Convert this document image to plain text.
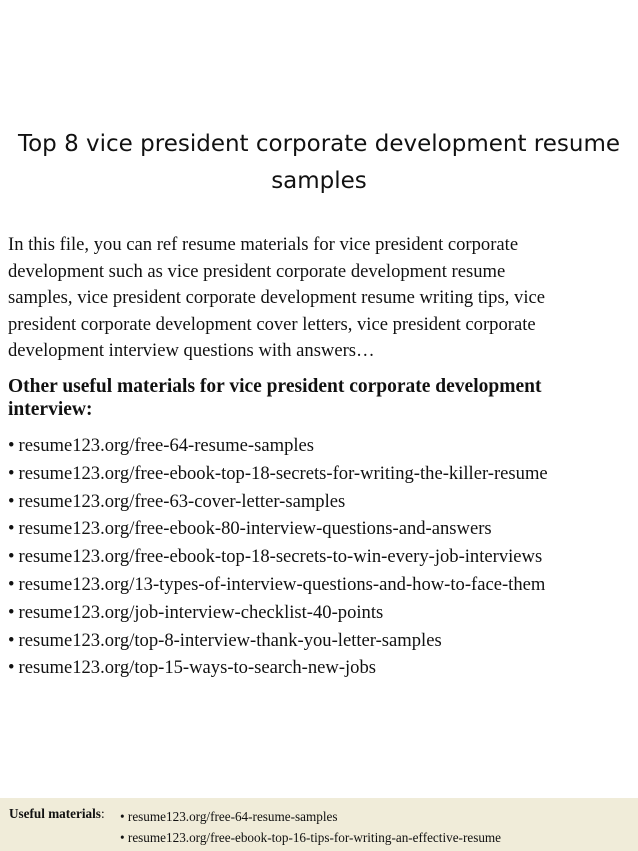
Top 8 vice president corporate development resume
samples
In this file, you can ref resume materials for vice president corporate
development such as vice president corporate development resume
samples, vice president corporate development resume writing tips, vice
president corporate development cover letters, vice president corporate
development interview questions with answers…
Other useful materials for vice president corporate development
interview:
• resume123.org/free-64-resume-samples
• resume123.org/free-ebook-top-18-secrets-for-writing-the-killer-resume
• resume123.org/free-63-cover-letter-samples
• resume123.org/free-ebook-80-interview-questions-and-answers
• resume123.org/free-ebook-top-18-secrets-to-win-every-job-interviews
• resume123.org/13-types-of-interview-questions-and-how-to-face-them
• resume123.org/job-interview-checklist-40-points
• resume123.org/top-8-interview-thank-you-letter-samples
• resume123.org/top-15-ways-to-search-new-jobs
Useful materials: • resume123.org/free-64-resume-samples
• resume123.org/free-ebook-top-16-tips-for-writing-an-effective-resume
